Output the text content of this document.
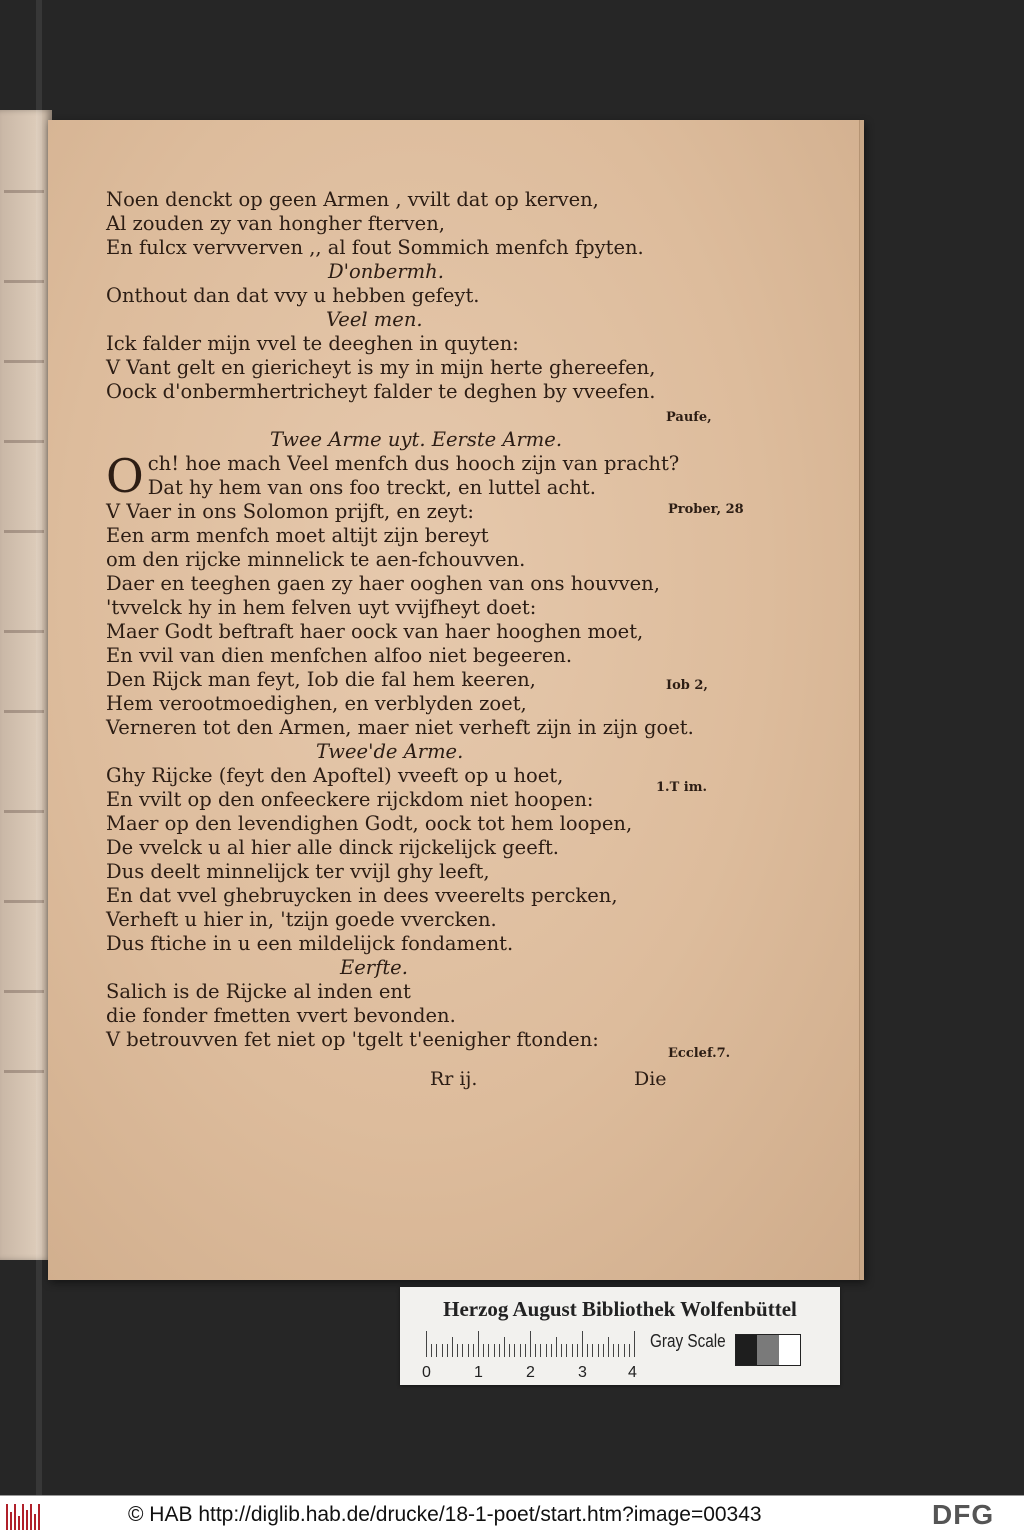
Noen denckt op geen Armen , vvilt dat op kerven,
Al zouden zy van hongher fterven,
En fulcx vervverven ,, al fout Sommich menfch fpyten.
D'onbermh.
Onthout dan dat vvy u hebben gefeyt.
Veel men.
Ick falder mijn vvel te deeghen in quyten:
V Vant gelt en giericheyt is my in mijn herte ghereefen,
Oock d'onbermhertricheyt falder te deghen by vveefen.

Twee Arme uyt. Eerste Arme.
Och! hoe mach Veel menfch dus hooch zijn van pracht?
Dat hy hem van ons foo treckt, en luttel acht.
V Vaer in ons Solomon prijft, en zeyt:
Een arm menfch moet altijt zijn bereyt
om den rijcke minnelick te aen-fchouvven.
Daer en teeghen gaen zy haer ooghen van ons houvven,
'tvvelck hy in hem felven uyt vvijfheyt doet:
Maer Godt beftraft haer oock van haer hooghen moet,
En vvil van dien menfchen alfoo niet begeeren.
Den Rijck man feyt, Iob die fal hem keeren,
Hem verootmoedighen, en verblyden zoet,
Verneren tot den Armen, maer niet verheft zijn in zijn goet.
Twee'de Arme.
Ghy Rijcke (feyt den Apoftel) vveeft op u hoet,
En vvilt op den onfeeckere rijckdom niet hoopen:
Maer op den levendighen Godt, oock tot hem loopen,
De vvelck u al hier alle dinck rijckelijck geeft.
Dus deelt minnelijck ter vvijl ghy leeft,
En dat vvel ghebruycken in dees vveerelts percken,
Verheft u hier in, 'tzijn goede vvercken.
Dus ftiche in u een mildelijck fondament.
Eerfte.
Salich is de Rijcke al inden ent
die fonder fmetten vvert bevonden.
V betrouvven fet niet op 'tgelt t'eenigher ftonden:
Paufe,
Prober, 28
Iob 2,
1.T im.
Ecclef.7.
Rr ij.	Die
Herzog August Bibliothek Wolfenbüttel
0	1	2	3	4
Gray Scale
© HAB http://diglib.hab.de/drucke/18-1-poet/start.htm?image=00343	DFG
